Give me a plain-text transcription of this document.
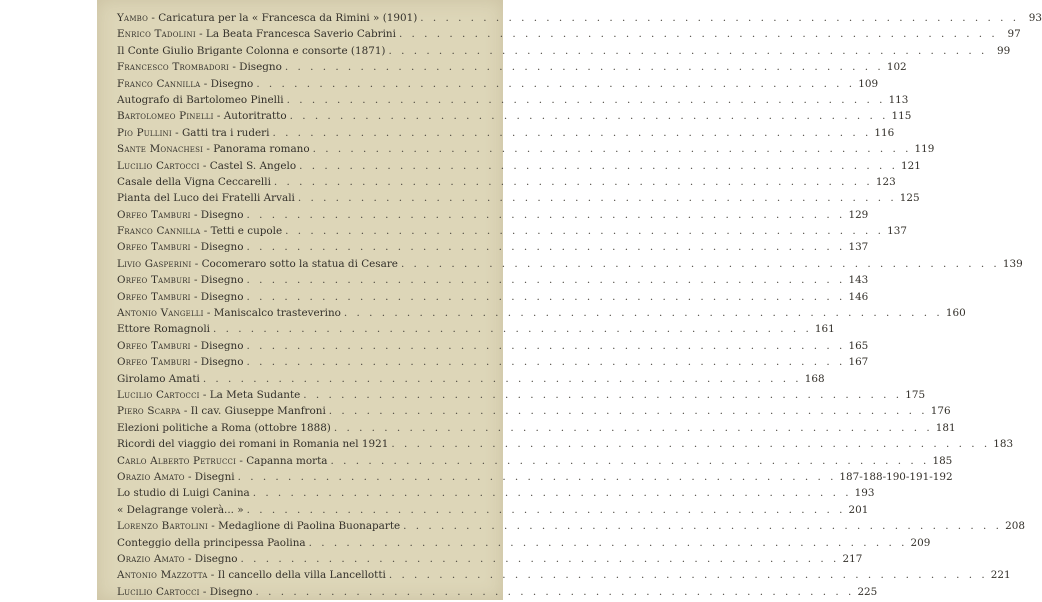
Yambo - Caricatura per la « Francesca da Rimini » (1901) . . .	93
Enrico Tadolini - La Beata Francesca Saverio Cabrini . . .	97
Il Conte Giulio Brigante Colonna e consorte (1871) . . .	99
Francesco Trombadori - Disegno . . .	102
Franco Cannilla - Disegno . . .	109
Autografo di Bartolomeo Pinelli . . .	113
Bartolomeo Pinelli - Autoritratto . . .	115
Pio Pullini - Gatti tra i ruderi . . .	116
Sante Monachesi - Panorama romano . . .	119
Lucilio Cartocci - Castel S. Angelo . . .	121
Casale della Vigna Ceccarelli . . .	123
Pianta del Luco dei Fratelli Arvali . . .	125
Orfeo Tamburi - Disegno . . .	129
Franco Cannilla - Tetti e cupole . . .	137
Orfeo Tamburi - Disegno . . .	137
Livio Gasperini - Cocomeraro sotto la statua di Cesare . . .	139
Orfeo Tamburi - Disegno . . .	143
Orfeo Tamburi - Disegno . . .	146
Antonio Vangelli - Maniscalco trasteverino . . .	160
Ettore Romagnoli . . .	161
Orfeo Tamburi - Disegno . . .	165
Orfeo Tamburi - Disegno . . .	167
Girolamo Amati . . .	168
Lucilio Cartocci - La Meta Sudante . . .	175
Piero Scarpa - Il cav. Giuseppe Manfroni . . .	176
Elezioni politiche a Roma (ottobre 1888) . . .	181
Ricordi del viaggio dei romani in Romania nel 1921 . . .	183
Carlo Alberto Petrucci - Capanna morta . . .	185
Orazio Amato - Disegni . . .	187-188-190-191-192
Lo studio di Luigi Canina . . .	193
« Delagrange volerà... » . . .	201
Lorenzo Bartolini - Medaglione di Paolina Buonaparte . . .	208
Conteggio della principessa Paolina . . .	209
Orazio Amato - Disegno . . .	217
Antonio Mazzotta - Il cancello della villa Lancellotti . . .	221
Lucilio Cartocci - Disegno . . .	225
